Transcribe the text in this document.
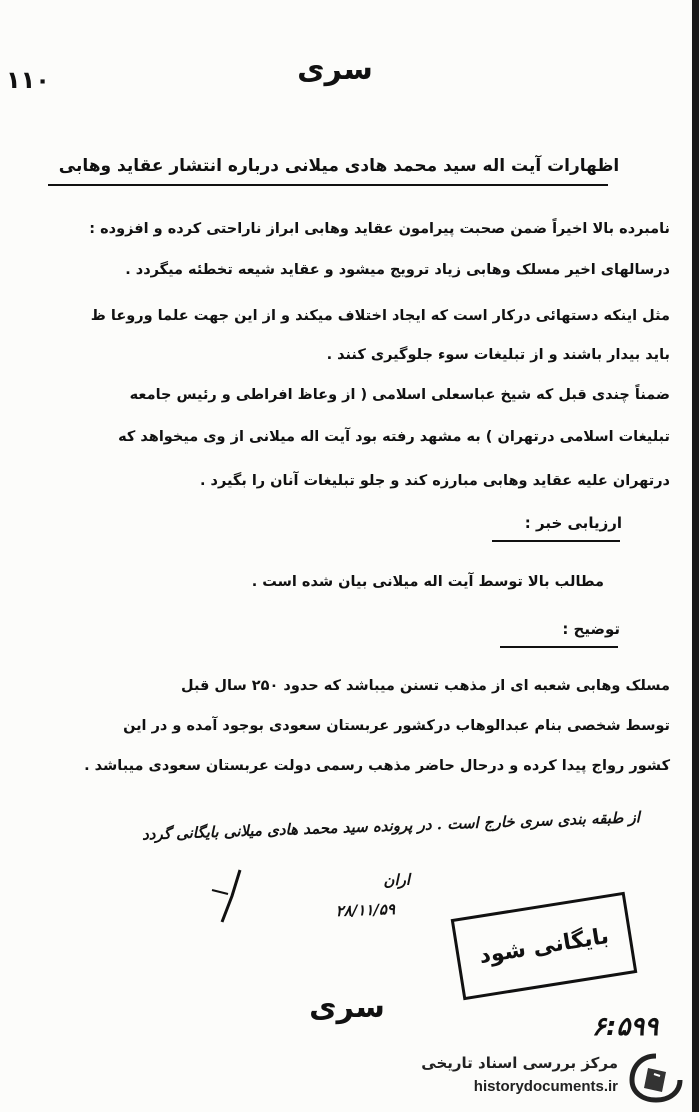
۱۱۰	سری
اظهارات آیت اله سید محمد هادی میلانی درباره انتشار عقاید وهابی
نامبرده بالا اخیراً ضمن صحبت پیرامون عقاید وهابی ابراز ناراحتی کرده و افزوده :
درسالهای اخیر مسلک وهابی زیاد ترویج میشود و عقاید شیعه تخطئه میگردد .
مثل اینکه دستهائی درکار است که ایجاد اختلاف میکند و از این جهت علما وروعا ظ
باید بیدار باشند و از تبلیغات سوء جلوگیری کنند .
ضمناً چندی قبل که شیخ عباسعلی اسلامی ( از وعاظ افراطی و رئیس جامعه
تبلیغات اسلامی درتهران ) به مشهد رفته بود آیت اله میلانی از وی میخواهد که
درتهران علیه عقاید وهابی مبارزه کند و جلو تبلیغات آنان را بگیرد .
ارزیابی خبر :
مطالب بالا توسط آیت اله میلانی بیان شده است .
توضیح :
مسلک وهابی شعبه ای از مذهب تسنن میباشد که حدود ۲۵۰ سال قبل
توسط شخصی بنام عبدالوهاب درکشور عربستان سعودی بوجود آمده و در این
کشور رواج پیدا کرده و درحال حاضر مذهب رسمی دولت عربستان سعودی میباشد .
از طبقه بندی سری خارج است . در پرونده سید محمد هادی میلانی بایگانی گردد
اران
۲۸/۱۱/۵۹
بایگانی شود
سری
۶:۵۹۹
مرکز بررسی اسناد تاریخی
historydocuments.ir
